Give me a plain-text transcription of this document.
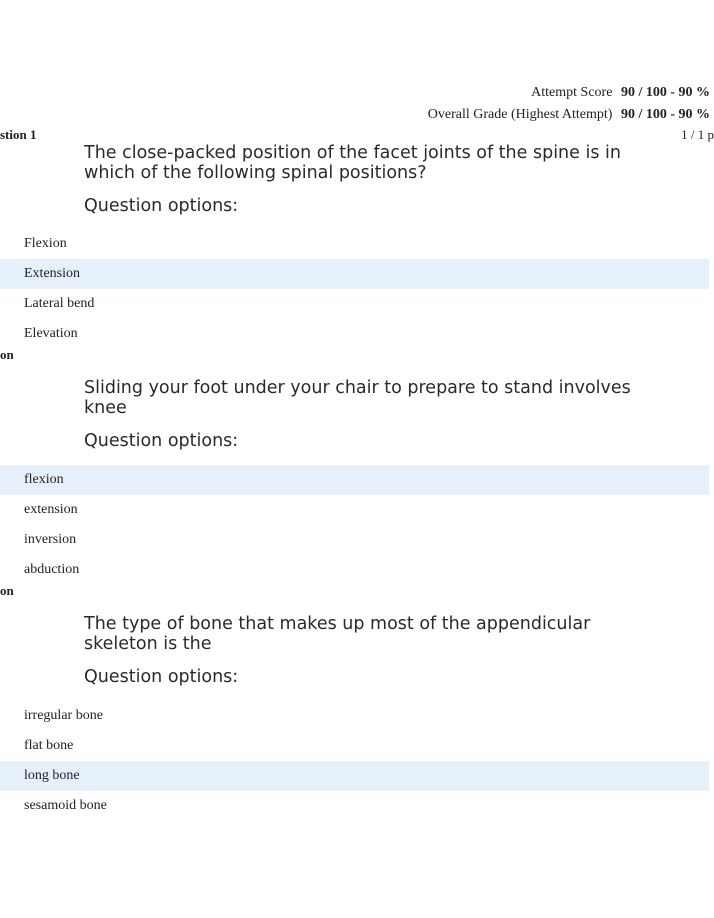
Attempt Score 90 / 100 - 90 %
Overall Grade (Highest Attempt) 90 / 100 - 90 %
stion 1	1 / 1 p
The close-packed position of the facet joints of the spine is in which of the following spinal positions?
Question options:
Flexion
Extension
Lateral bend
Elevation
on
Sliding your foot under your chair to prepare to stand involves knee
Question options:
flexion
extension
inversion
abduction
on
The type of bone that makes up most of the appendicular skeleton is the
Question options:
irregular bone
flat bone
long bone
sesamoid bone
